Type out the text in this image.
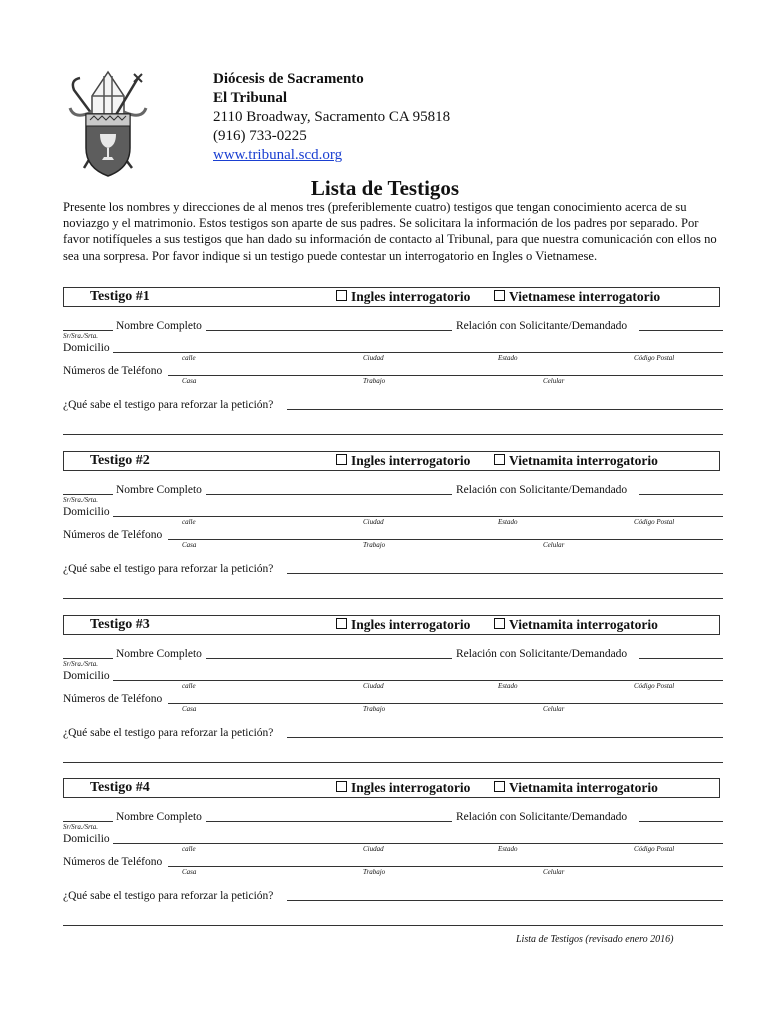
Diócesis de Sacramento
El Tribunal
2110 Broadway, Sacramento CA 95818
(916) 733-0225
www.tribunal.scd.org
Lista de Testigos
Presente los nombres y direcciones de al menos tres (preferiblemente cuatro) testigos que tengan conocimiento acerca de su noviazgo y el matrimonio. Estos testigos son aparte de sus padres. Se solicitara la información de los padres por separado. Por favor notifíqueles a sus testigos que han dado su información de contacto al Tribunal, para que nuestra comunicación con ellos no sea una sorpresa. Por favor indique si un testigo puede contestar un interrogatorio en Ingles o Vietnamese.
Testigo #1	Ingles interrogatorio	Vietnamese interrogatorio
Nombre Completo	Relación con Solicitante/Demandado
Sr/Sra./Srta.
Domicilio
calle	Ciudad	Estado	Código Postal
Números de Teléfono
Casa	Trabajo	Celular
¿Qué sabe el testigo para reforzar la petición?
Testigo #2	Ingles interrogatorio	Vietnamita interrogatorio
Nombre Completo	Relación con Solicitante/Demandado
Sr/Sra./Srta.
Domicilio
calle	Ciudad	Estado	Código Postal
Números de Teléfono
Casa	Trabajo	Celular
¿Qué sabe el testigo para reforzar la petición?
Testigo #3	Ingles interrogatorio	Vietnamita interrogatorio
Nombre Completo	Relación con Solicitante/Demandado
Sr/Sra./Srta.
Domicilio
calle	Ciudad	Estado	Código Postal
Números de Teléfono
Casa	Trabajo	Celular
¿Qué sabe el testigo para reforzar la petición?
Testigo #4	Ingles interrogatorio	Vietnamita interrogatorio
Nombre Completo	Relación con Solicitante/Demandado
Sr/Sra./Srta.
Domicilio
calle	Ciudad	Estado	Código Postal
Números de Teléfono
Casa	Trabajo	Celular
¿Qué sabe el testigo para reforzar la petición?
Lista de Testigos (revisado enero 2016)
